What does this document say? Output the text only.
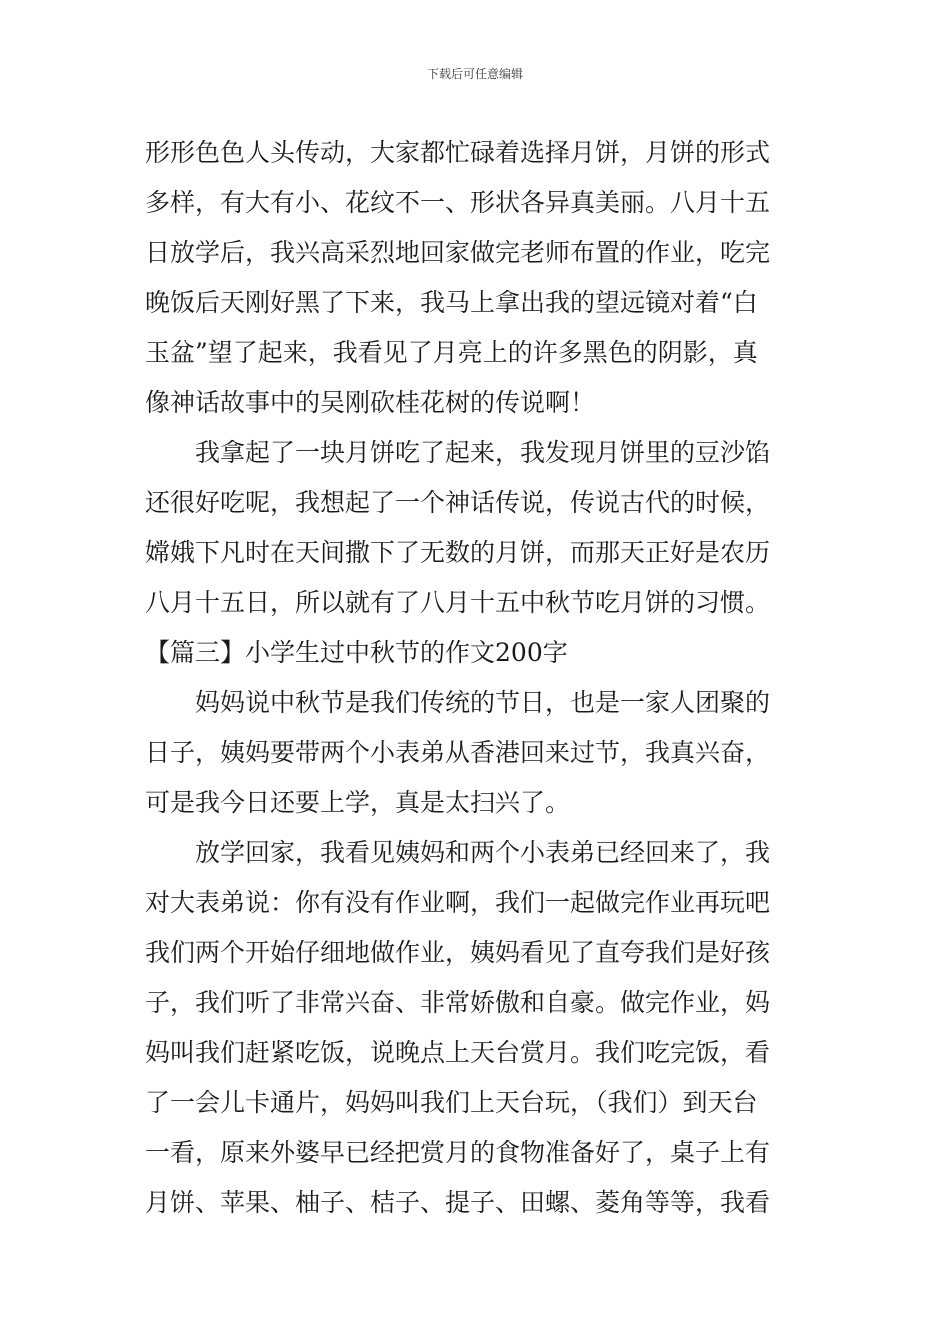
下载后可任意编辑
形形色色人头传动，大家都忙碌着选择月饼，月饼的形式
多样，有大有小、花纹不一、形状各异真美丽。八月十五
日放学后，我兴高采烈地回家做完老师布置的作业，吃完
晚饭后天刚好黑了下来，我马上拿出我的望远镜对着“白
玉盆”望了起来，我看见了月亮上的许多黑色的阴影，真
像神话故事中的吴刚砍桂花树的传说啊！
　　我拿起了一块月饼吃了起来，我发现月饼里的豆沙馅
还很好吃呢，我想起了一个神话传说，传说古代的时候，
嫦娥下凡时在天间撒下了无数的月饼，而那天正好是农历
八月十五日，所以就有了八月十五中秋节吃月饼的习惯。
【篇三】小学生过中秋节的作文200字
　　妈妈说中秋节是我们传统的节日，也是一家人团聚的
日子，姨妈要带两个小表弟从香港回来过节，我真兴奋，
可是我今日还要上学，真是太扫兴了。
　　放学回家，我看见姨妈和两个小表弟已经回来了，我
对大表弟说：你有没有作业啊，我们一起做完作业再玩吧
我们两个开始仔细地做作业，姨妈看见了直夸我们是好孩
子，我们听了非常兴奋、非常娇傲和自豪。做完作业，妈
妈叫我们赶紧吃饭，说晚点上天台赏月。我们吃完饭，看
了一会儿卡通片，妈妈叫我们上天台玩，（我们）到天台
一看，原来外婆早已经把赏月的食物准备好了，桌子上有
月饼、苹果、柚子、桔子、提子、田螺、菱角等等，我看
